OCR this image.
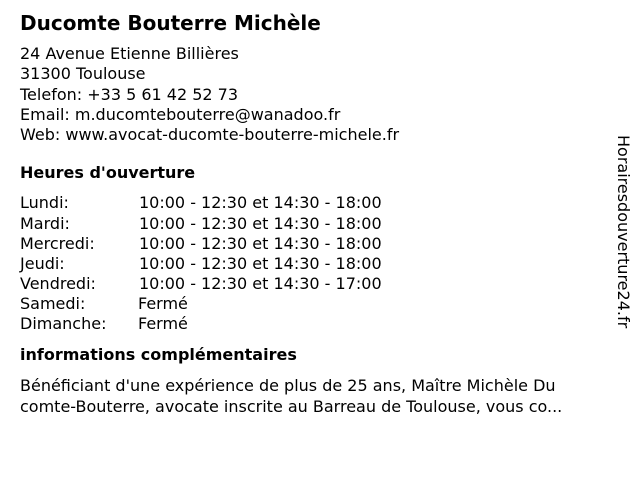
Ducomte Bouterre Michèle
24 Avenue Etienne Billières
31300 Toulouse
Telefon: +33 5 61 42 52 73
Email: m.ducomtebouterre@wanadoo.fr
Web: www.avocat-ducomte-bouterre-michele.fr
Heures d'ouverture
Lundi:	10:00 - 12:30 et 14:30 - 18:00
Mardi:	10:00 - 12:30 et 14:30 - 18:00
Mercredi:	10:00 - 12:30 et 14:30 - 18:00
Jeudi:	10:00 - 12:30 et 14:30 - 18:00
Vendredi:	10:00 - 12:30 et 14:30 - 17:00
Samedi:	Fermé
Dimanche: Fermé
informations complémentaires
Bénéficiant d'une expérience de plus de 25 ans, Maître Michèle Du
comte-Bouterre, avocate inscrite au Barreau de Toulouse, vous co...
Horairesdouverture24.fr
